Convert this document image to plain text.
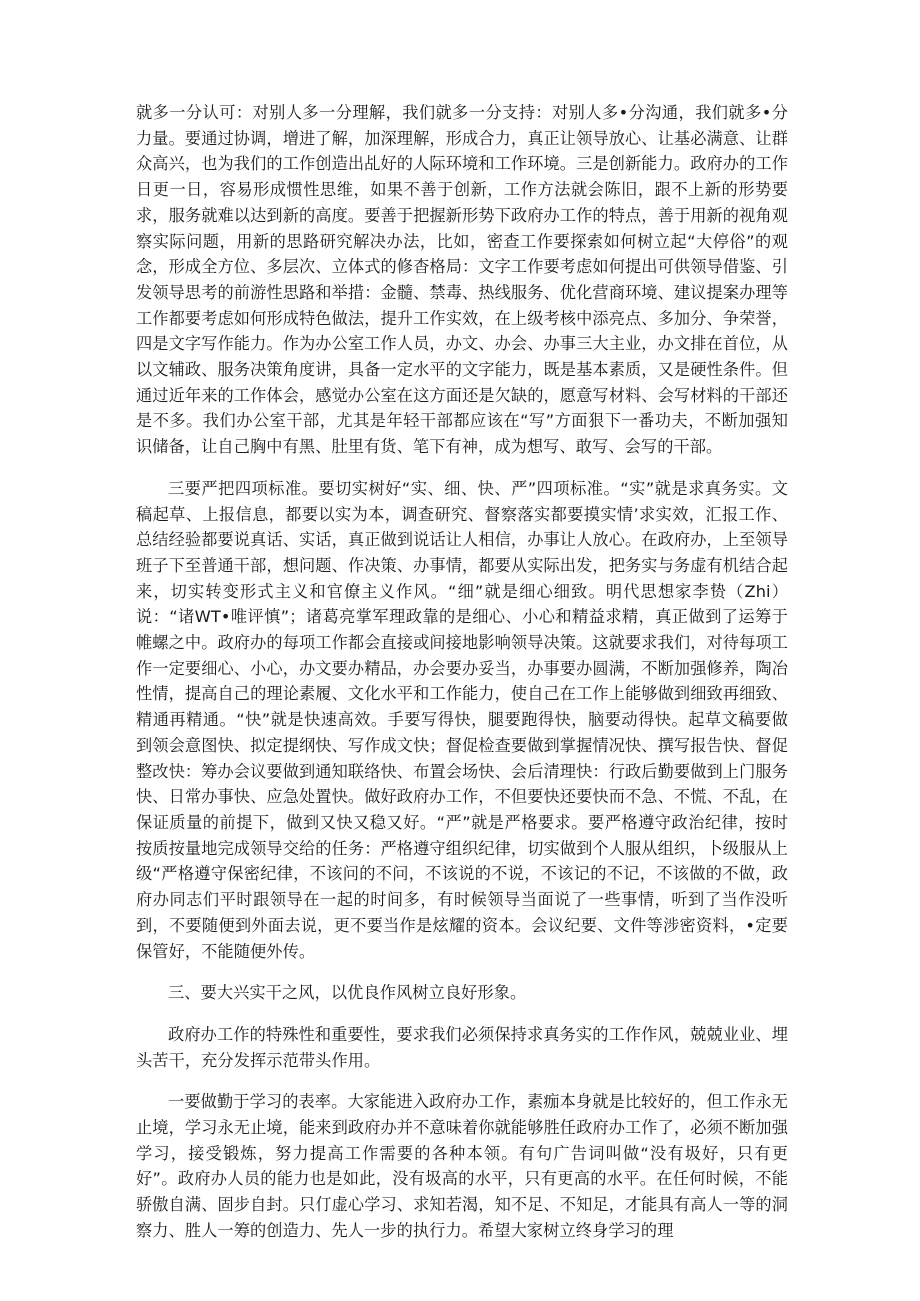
就多一分认可：对别人多一分理解，我们就多一分支持：对别人多•分沟通，我们就多•分力量。要通过协调，增进了解，加深理解，形成合力，真正让领导放心、让基必满意、让群众高兴，也为我们的工作创造出乩好的人际环境和工作环境。三是创新能力。政府办的工作日更一日，容易形成惯性思维，如果不善于创新，工作方法就会陈旧，跟不上新的形势要求，服务就难以达到新的高度。要善于把握新形势下政府办工作的特点，善于用新的视角观察实际问题，用新的思路研究解决办法，比如，密查工作要探索如何树立起“大停俗”的观念，形成全方位、多层次、立体式的修杳格局：文字工作要考虑如何提出可供领导借鉴、引发领导思考的前游性思路和举措：金髓、禁毒、热线服务、优化营商环境、建议提案办理等工作都要考虑如何形成特色做法，提升工作实效，在上级考核中添亮点、多加分、争荣誉，四是文字写作能力。作为办公室工作人员，办文、办会、办事三大主业，办文排在首位，从以文辅政、服务决策角度讲，具备一定水平的文字能力，既是基本素质，又是硬性条件。但通过近年来的工作体会，感觉办公室在这方面还是欠缺的，愿意写材料、会写材料的干部还是不多。我们办公室干部，尤其是年轻干部都应该在“写”方面狠下一番功夫，不断加强知识储备，让自己胸中有黑、肚里有货、笔下有神，成为想写、敢写、会写的干部。

三要严把四项标准。要切实树好“实、细、快、严”四项标准。“实”就是求真务实。文稿起草、上报信息，都要以实为本，调查研究、督察落实都要摸实情’求实效，汇报工作、总结经验都要说真话、实话，真正做到说话让人相信，办事让人放心。在政府办，上至领导班子下至普通干部，想问题、作决策、办事情，都要从实际出发，把务实与务虚有机结合起来，切实转变形式主义和官僚主义作风。“细”就是细心细致。明代思想家李贽（Zhi）说：“诸WT•唯评慎”；诸葛亮掌军理政靠的是细心、小心和精益求精，真正做到了运筹于帷螺之中。政府办的每项工作都会直接或间接地影响领导决策。这就要求我们，对待每项工作一定要细心、小心，办文要办精品，办会要办妥当，办事要办圆满，不断加强修养，陶冶性情，提高自己的理论素履、文化水平和工作能力，使自己在工作上能够做到细致再细致、精通再精通。“快”就是快速高效。手要写得快，腿要跑得快，脑要动得快。起草文稿要做到领会意图快、拟定提纲快、写作成文快；督促检查要做到掌握情况快、撰写报告快、督促整改快：筹办会议要做到通知联络快、布置会场快、会后清理快：行政后勤要做到上门服务快、日常办事快、应急处置快。做好政府办工作，不但要快还要快而不急、不慌、不乱，在保证质量的前提下，做到又快又稳又好。“严”就是严格要求。要严格遵守政治纪律，按时按质按量地完成领导交给的任务：严格遵守组织纪律，切实做到个人服从组织，卜级服从上级“严格遵守保密纪律，不该问的不问，不该说的不说，不该记的不记，不该做的不做，政府办同志们平时跟领导在一起的时间多，有时候领导当面说了一些事情，听到了当作没听到，不要随便到外面去说，更不要当作是炫耀的资本。会议纪要、文件等涉密资料，•定要保管好，不能随便外传。

三、要大兴实干之风，以优良作风树立良好形象。

政府办工作的特殊性和重要性，要求我们必须保持求真务实的工作作风，兢兢业业、埋头苦干，充分发挥示范带头作用。

一要做勤于学习的表率。大家能进入政府办工作，素痂本身就是比较好的，但工作永无止境，学习永无止境，能来到政府办并不意味着你就能够胜任政府办工作了，必须不断加强学习，接受锻炼，努力提高工作需要的各种本领。有句广告词叫做“没有圾好，只有更好”。政府办人员的能力也是如此，没有圾高的水平，只有更高的水平。在任何时候，不能骄傲自满、固步自封。只仃虚心学习、求知若渴，知不足、不知足，才能具有高人一等的洞察力、胜人一筹的创造力、先人一步的执行力。希望大家树立终身学习的理
